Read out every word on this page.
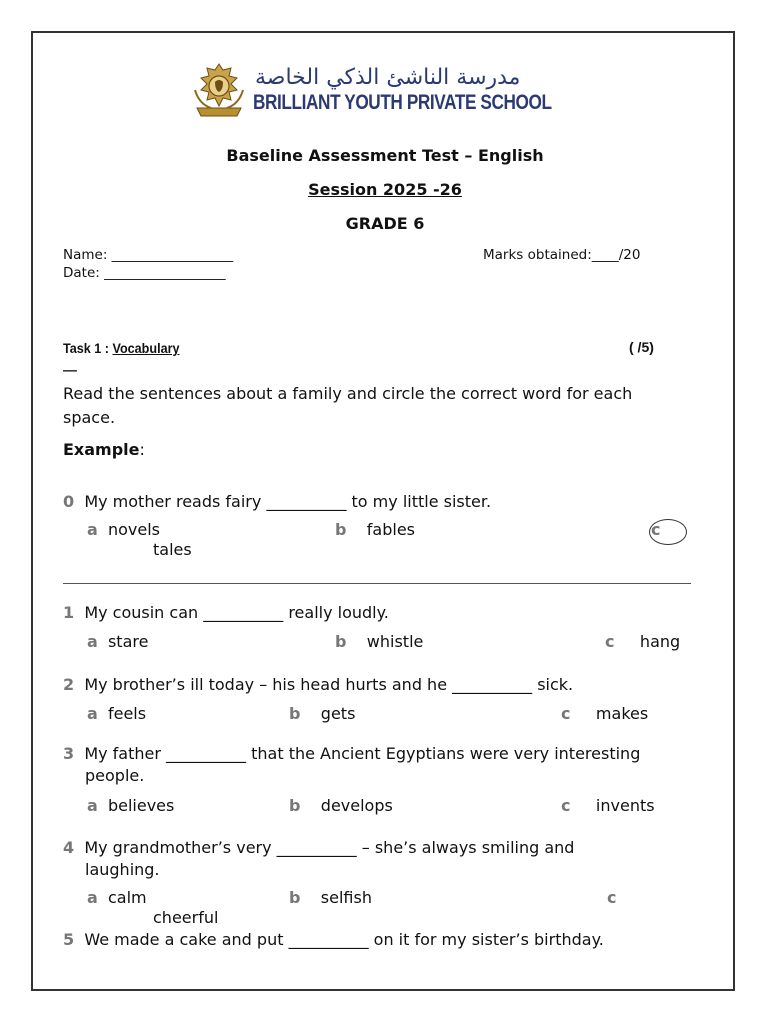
مدرسة الناشئ الذكي الخاصة
BRILLIANT YOUTH PRIVATE SCHOOL
Baseline Assessment Test – English
Session 2025 -26
GRADE 6
Name: __________________
Date: __________________
Marks obtained:____/20
Task 1 : Vocabulary	( /5)
__
Read the sentences about a family and circle the correct word for each
space.
Example:
0 My mother reads fairy __________ to my little sister.
a novels	b fables	c
tales
1 My cousin can __________ really loudly.
a stare	b whistle	c hang
2 My brother’s ill today – his head hurts and he __________ sick.
a feels	b gets	c makes
3 My father __________ that the Ancient Egyptians were very interesting
people.
a believes	b develops	c invents
4 My grandmother’s very __________ – she’s always smiling and
laughing.
a calm	b selfish	c
cheerful
5 We made a cake and put __________ on it for my sister’s birthday.
